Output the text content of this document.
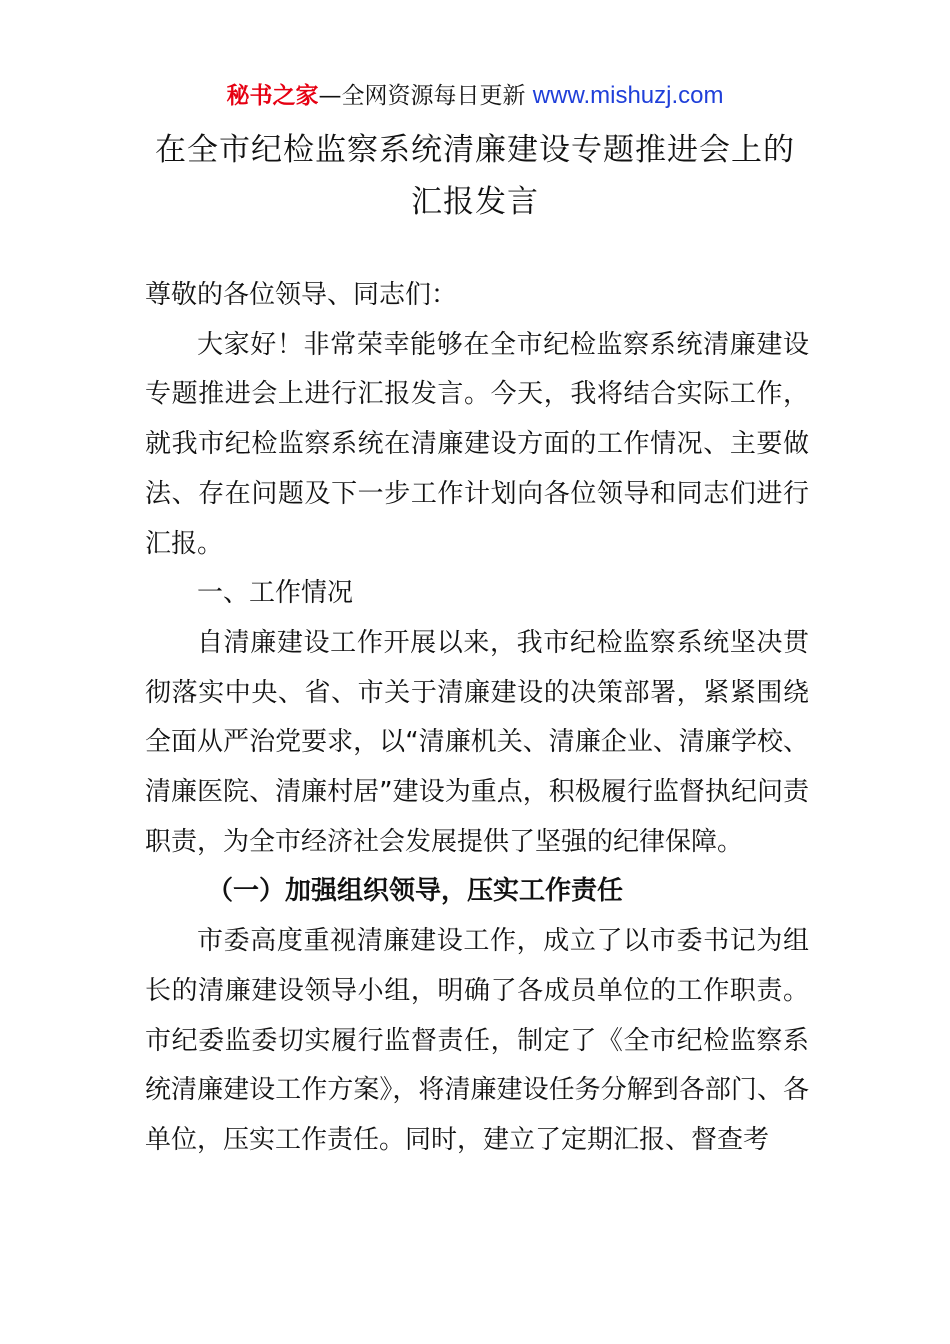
秘书之家—全网资源每日更新 www.mishuzj.com
在全市纪检监察系统清廉建设专题推进会上的
汇报发言

尊敬的各位领导、同志们：

大家好！非常荣幸能够在全市纪检监察系统清廉建设专题推进会上进行汇报发言。今天，我将结合实际工作，就我市纪检监察系统在清廉建设方面的工作情况、主要做法、存在问题及下一步工作计划向各位领导和同志们进行汇报。

一、工作情况

自清廉建设工作开展以来，我市纪检监察系统坚决贯彻落实中央、省、市关于清廉建设的决策部署，紧紧围绕全面从严治党要求，以“清廉机关、清廉企业、清廉学校、清廉医院、清廉村居”建设为重点，积极履行监督执纪问责职责，为全市经济社会发展提供了坚强的纪律保障。

（一）加强组织领导，压实工作责任

市委高度重视清廉建设工作，成立了以市委书记为组长的清廉建设领导小组，明确了各成员单位的工作职责。市纪委监委切实履行监督责任，制定了《全市纪检监察系统清廉建设工作方案》，将清廉建设任务分解到各部门、各单位，压实工作责任。同时，建立了定期汇报、督查考
